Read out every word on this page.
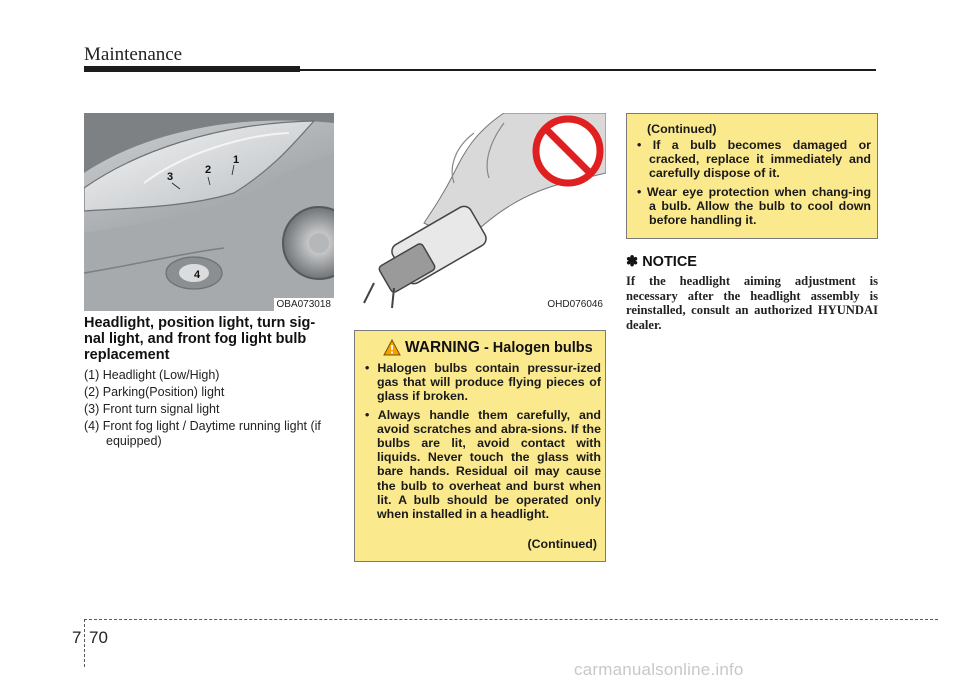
Maintenance
1
2
3
4
OBA073018	OHD076046
Headlight, position light, turn sig-nal light, and front fog light bulb replacement
(1) Headlight (Low/High)
(2) Parking(Position) light
(3) Front turn signal light
(4) Front fog light / Daytime running light (if equipped)
WARNING - Halogen bulbs
• Halogen bulbs contain pressur-ized gas that will produce flying pieces of glass if broken.
• Always handle them carefully, and avoid scratches and abra-sions. If the bulbs are lit, avoid contact with liquids. Never touch the glass with bare hands. Residual oil may cause the bulb to overheat and burst when lit. A bulb should be operated only when installed in a headlight.
(Continued)
(Continued)
• If a bulb becomes damaged or cracked, replace it immediately and carefully dispose of it.
• Wear eye protection when chang-ing a bulb. Allow the bulb to cool down before handling it.
✽ NOTICE
If the headlight aiming adjustment is necessary after the headlight assembly is reinstalled, consult an authorized HYUNDAI dealer.
7 70
carmanualsonline.info
